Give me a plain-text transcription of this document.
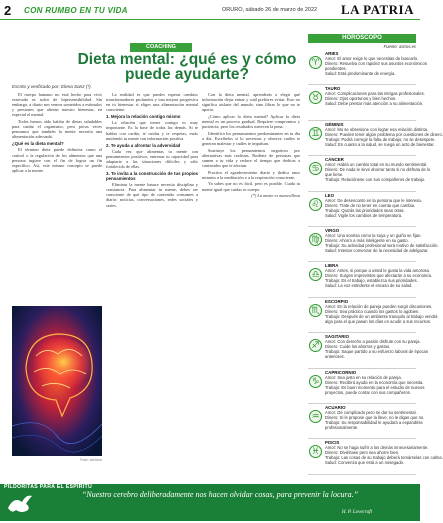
2 CON RUMBO EN TU VIDA	ORURO, sábado 26 de marzo de 2022 LA PATRIA
COACHING
Dieta mental: ¿qué es y cómo puede ayudarte?
Escrito y verificado por: Elena Sanz (*)

El cuerpo humano no está hecho para vivir estresado ni sufrir de hipersensibilidad. Sin embargo, a diario nos vemos sometidos a estímulos y presiones que alteran nuestro bienestar, en especial el mental.

Todos hemos oído hablar de dietas saludables para cuidar el organismo, pero pocas veces pensamos que también la mente necesita una alimentación adecuada.

¿Qué es la dieta mental?

El término dieta puede definirse como el control o la regulación de los alimentos que una persona ingiere con el fin de lograr un fin específico. Así, este mismo concepto se puede aplicar a la mente.

Foto: archivo

La realidad es que puedes esperar cambios transformadores profundos y una mejora progresiva en tu bienestar si eliges una alimentación mental consciente.

1. Mejora la relación contigo mismo

La relación que tienes contigo es muy importante. Es la base de todas las demás. Si te hablas con cariño, te cuidas y te respetas, estás nutriendo tu mente con información positiva.

2. Te ayuda a afrontar la adversidad

Cada vez que alimentas tu mente con pensamientos positivos, entrenas tu capacidad para adaptarte a las situaciones difíciles y salir fortalecido de ellas.

3. Te invita a la construcción de tus propios pensamientos

Eliminar la mente basura necesita disciplina y constancia. Para alimentar tu mente, debes ser consciente de qué tipo de contenido consumes a diario: noticias, conversaciones, redes sociales y series.

Con la dieta mental, aprenderás a elegir qué información dejas entrar y cuál prefieres evitar. Esto no significa aislarte del mundo, sino filtrar lo que no te aporta.

¿Cómo aplicar la dieta mental? Aplicar la dieta mental es un proceso gradual. Requiere compromiso y paciencia, pero los resultados merecen la pena.

Identifica los pensamientos predominantes en tu día a día. Escríbelos si lo necesitas y observa cuáles te generan malestar y cuáles te impulsan.

Sustituye los pensamientos negativos por alternativas más realistas. Rodéate de personas que sumen a tu vida y reduce el tiempo que dedicas a contenidos que te afectan.

Practica el agradecimiento diario y dedica unos minutos a la meditación o a la respiración consciente.

Ya sabes que no es fácil, pero es posible. Cuida tu mente igual que cuidas tu cuerpo.

(*) La mente es maravillosa

HORÓSCOPO
Fuente: astros.es
♈
ARIES
Amor: El amor exige lo que necesitas de buscarlo.
Dinero: Resuelva con rapidez sus asuntos económicos
pendientes.
Salud: Está predominante de energía.
♉
TAURO
Amor: Complicaciones para las intrigas profesionales.
Dinero: Ojos oportunos y bien hechos.
Salud: Debe prestar más atención a su alimentación.
♊
GÉMINIS
Amor: Mo se obsesione con lograr esa relación distinta.
Dinero: Pueden tener algún problema por cuestiones de dinero.
Trabajo: Podrá corregir la falta de trabajo; no se desespere.
Salud: En cuanto a la salud, se ruega un acto de bienestar.
♋
CÁNCER
Amor: Habrá un cambio total en su mundo sentimental.
Dinero: De nada le sirve ahorrar tanto si no disfruta de lo
que tiene.
Trabajo: Relaciónese con sus compañeros de trabajo.
♌
LEO
Amor: De desencanto en la persona que le interesa.
Dinero: Trate de no tener en cuenta que cambia.
Trabajo: Quizás las prioridades sean otras.
Salud: Vigile los cambios de temperatura.
♍
VIRGO
Amor: Una sonrisa como la suya y un guiño se fijan.
Dinero: Ahorro a más inteligente en su gasto.
Trabajo: Su actividad profesional será motivo de satisfacción.
Salud: Intentar comenzar de la necesidad de adelgazar.
♎
LIBRA
Amor: Antes, si porque a usted le gusta la vida amorosa.
Dinero: Surgen imprevistos que afectarán a su economía.
Trabajo: Es el trabajo, establezca sus prioridades.
Salud: La voz estridente el escaso de su salud.
♏
ESCORPIO
Amor: En la relación de pareja pueden surgir discusiones.
Dinero: Sea práctico cuando los gastos lo agobien.
Trabajo: Después de un ambiente tranquilo al trabajo vendrá
algo para el que pasan los días en acudir a sus recursos.
♐
SAGITARIO
Amor: Con derecho a pasión disfrute con su pareja.
Dinero: Cuide los ahorros y gastos.
Trabajo: Saque partido a su esfuerzo laboral de épocas
anteriores.
♑
CAPRICORNIO
Amor: Sea justo en su relación de pareja.
Dinero: Recibirá ayuda en la economía que necesita.
Trabajo: Es buen momento para el estudio de nuevos
proyectos, puede contar con sus compañeros.
♒
ACUARIO
Amor: Dé complicado pero se dar su sentimental.
Dinero: Si le propone que la lleve, no le digas que no.
Trabajo: Su responsabilidad le ayudará a expandirse
profesionalmente.
♓
PISCIS
Amor: No se haga sufrir a los demás innecesariamente.
Dinero: Diviértase pero sea ahorre bien.
Trabajo: Las cosas de su trabajo deberá tomárselas con calma.
Salud: Convenza que está a un nosegado.
PILDORITAS PARA EL ESPIRITU
“Nuestro cerebro deliberadamente nos hacen olvidar cosas, para prevenir la locura.”
H. P. Lovecraft
